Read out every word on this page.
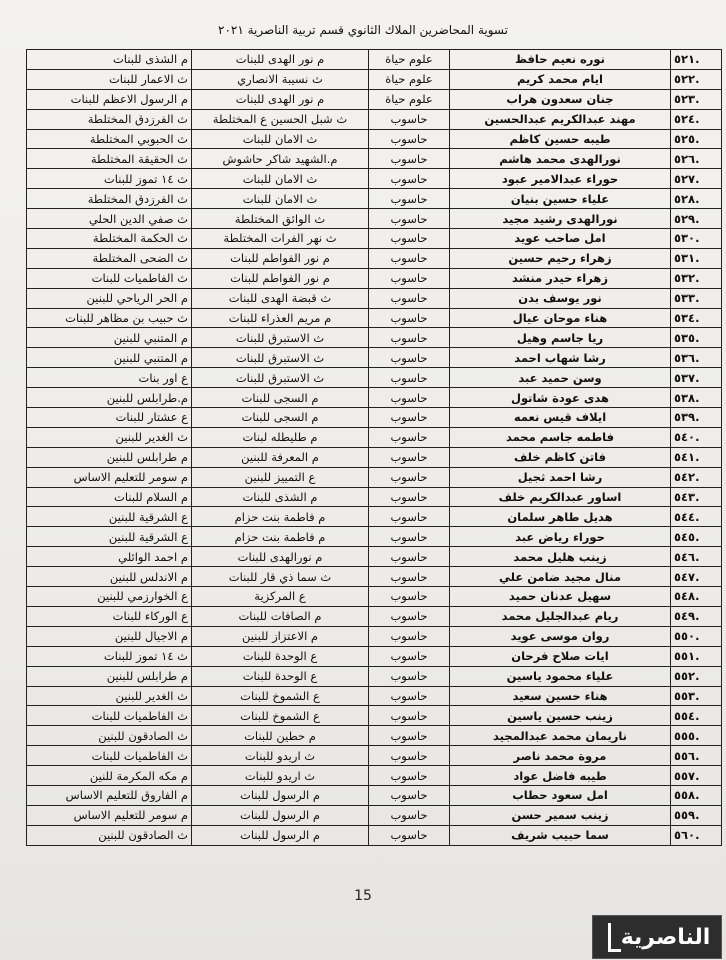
تسوية المحاضرين الملاك الثانوي قسم تربية الناصرية ٢٠٢١
م الشذى للبنات	م نور الهدى للبنات	علوم حياة	نوره نعيم حافظ	٥٢١.
ث الاعمار للبنات	ث نسيبة الانصاري	علوم حياة	ايام محمد كريم	٥٢٢.
م الرسول الاعظم للبنات	م نور الهدى للبنات	علوم حياة	جنان سعدون هراب	٥٢٣.
ث الفرزدق المختلطة	ث شبل الحسين ع المختلطة	حاسوب	مهند عبدالكريم عبدالحسين	٥٢٤.
ث الحبوبي المختلطة	ث الامان للبنات	حاسوب	طيبه حسين كاظم	٥٢٥.
ث الحقيقة المختلطة	م.الشهيد شاكر حاشوش	حاسوب	نورالهدى محمد هاشم	٥٢٦.
ث ١٤ تموز للبنات	ث الامان للبنات	حاسوب	حوراء عبدالامير عبود	٥٢٧.
ث الفرزدق المختلطة	ث الامان للبنات	حاسوب	علياء حسين بنيان	٥٢٨.
ث صفي الدين الحلي	ث الوائق المختلطة	حاسوب	نورالهدى رشيد مجيد	٥٢٩.
ث الحكمة المختلطة	ث نهر الفرات المختلطة	حاسوب	امل صاحب عويد	٥٣٠.
ث الضحى المختلطة	م نور الفواطم للبنات	حاسوب	زهراء رحيم حسين	٥٣١.
ث الفاطميات للبنات	م نور الفواطم للبنات	حاسوب	زهراء حيدر منشد	٥٣٢.
م الحر الرياحي للبنين	ث قبضة الهدى للبنات	حاسوب	نور يوسف بدن	٥٣٣.
ث حبيب بن مظاهر للبنات	م مريم العذراء للبنات	حاسوب	هناء موحان عيال	٥٣٤.
م المتنبي للبنين	ث الاستبرق للبنات	حاسوب	ريا جاسم وهيل	٥٣٥.
م المتنبي للبنين	ث الاستبرق للبنات	حاسوب	رشا شهاب احمد	٥٣٦.
ع اور بنات	ث الاستبرق للبنات	حاسوب	وسن حميد عبد	٥٣٧.
م.طرابلس للبنين	م السجى للبنات	حاسوب	هدى عودة شاتول	٥٣٨.
ع عشتار للبنات	م السجى للبنات	حاسوب	ايلاف قيس نعمه	٥٣٩.
ث الغدير للبنين	م طليطله لبنات	حاسوب	فاطمه جاسم محمد	٥٤٠.
م طرابلس للبنين	م المعرفة للبنين	حاسوب	فاتن كاظم خلف	٥٤١.
م سومر للتعليم الاساس	ع التمييز للبنين	حاسوب	رشا احمد ثجيل	٥٤٢.
م السلام للبنات	م الشذى للبنات	حاسوب	اساور عبدالكريم خلف	٥٤٣.
ع الشرقية للبنين	م فاطمة بنت حزام	حاسوب	هديل طاهر سلمان	٥٤٤.
ع الشرقية للبنين	م فاطمة بنت حزام	حاسوب	حوراء رياض عبد	٥٤٥.
م احمد الوائلي	م نورالهدى للبنات	حاسوب	زينب هليل محمد	٥٤٦.
م الاندلس للبنين	ث سما ذي قار للبنات	حاسوب	منال مجيد ضامن علي	٥٤٧.
ع الخوارزمي للبنين	ع المركزية	حاسوب	سهيل عدنان حميد	٥٤٨.
ع الوركاء للبنات	م الصافات للبنات	حاسوب	ريام عبدالجليل محمد	٥٤٩.
م الاجيال للبنين	م الاعتزاز للبنين	حاسوب	روان موسى عويد	٥٥٠.
ث ١٤ تموز للبنات	ع الوحدة للبنات	حاسوب	ايات صلاح فرحان	٥٥١.
م طرابلس للبنين	ع الوحدة للبنات	حاسوب	علياء محمود ياسين	٥٥٢.
ث الغدير للبنين	ع الشموخ للبنات	حاسوب	هناء حسين سعيد	٥٥٣.
ث الفاطميات للبنات	ع الشموخ للبنات	حاسوب	زينب حسين ياسين	٥٥٤.
ث الصادقون للبنين	م حطين للبنات	حاسوب	ناريمان محمد عبدالمجيد	٥٥٥.
ث الفاطميات للبنات	ث اريدو للبنات	حاسوب	مروة محمد ناصر	٥٥٦.
م مكه المكرمة للنين	ث اريدو للبنات	حاسوب	طيبه فاضل عواد	٥٥٧.
م الفاروق للتعليم الاساس	م الرسول للبنات	حاسوب	امل سعود حطاب	٥٥٨.
م سومر للتعليم الاساس	م الرسول للبنات	حاسوب	زينب سمير حسن	٥٥٩.
ث الصادقون للبنين	م الرسول للبنات	حاسوب	سما حبيب شريف	٥٦٠.
15
الناصرية
